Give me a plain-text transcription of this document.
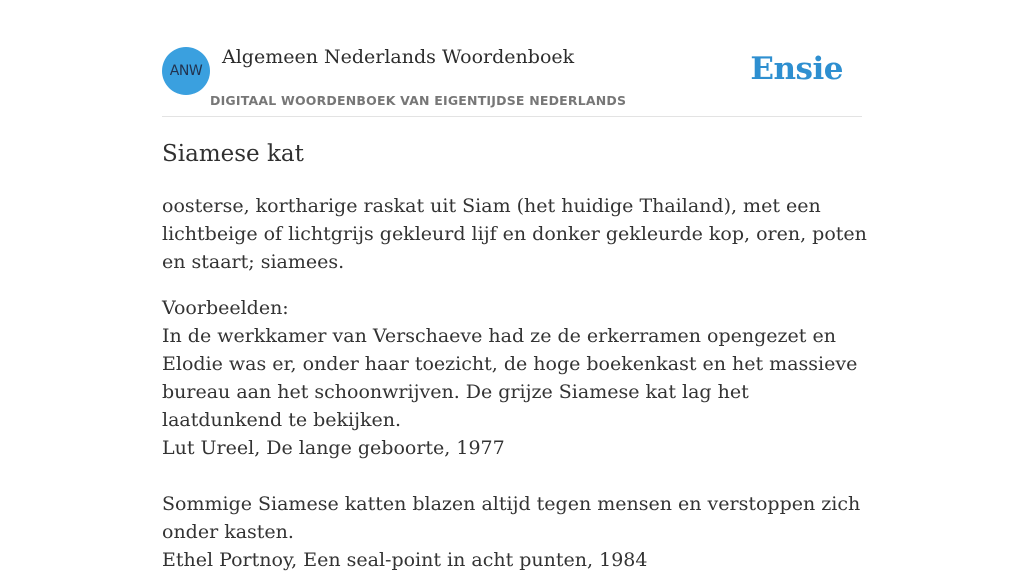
ANW
Algemeen Nederlands Woordenboek
DIGITAAL WOORDENBOEK VAN EIGENTIJDSE NEDERLANDS
Ensie
Siamese kat

oosterse, kortharige raskat uit Siam (het huidige Thailand), met een lichtbeige of lichtgrijs gekleurd lijf en donker gekleurde kop, oren, poten en staart; siamees.

Voorbeelden:
In de werkkamer van Verschaeve had ze de erkerramen opengezet en Elodie was er, onder haar toezicht, de hoge boekenkast en het massieve bureau aan het schoonwrijven. De grijze Siamese kat lag het laatdunkend te bekijken.
Lut Ureel, De lange geboorte, 1977
Sommige Siamese katten blazen altijd tegen mensen en verstoppen zich onder kasten.
Ethel Portnoy, Een seal-point in acht punten, 1984
